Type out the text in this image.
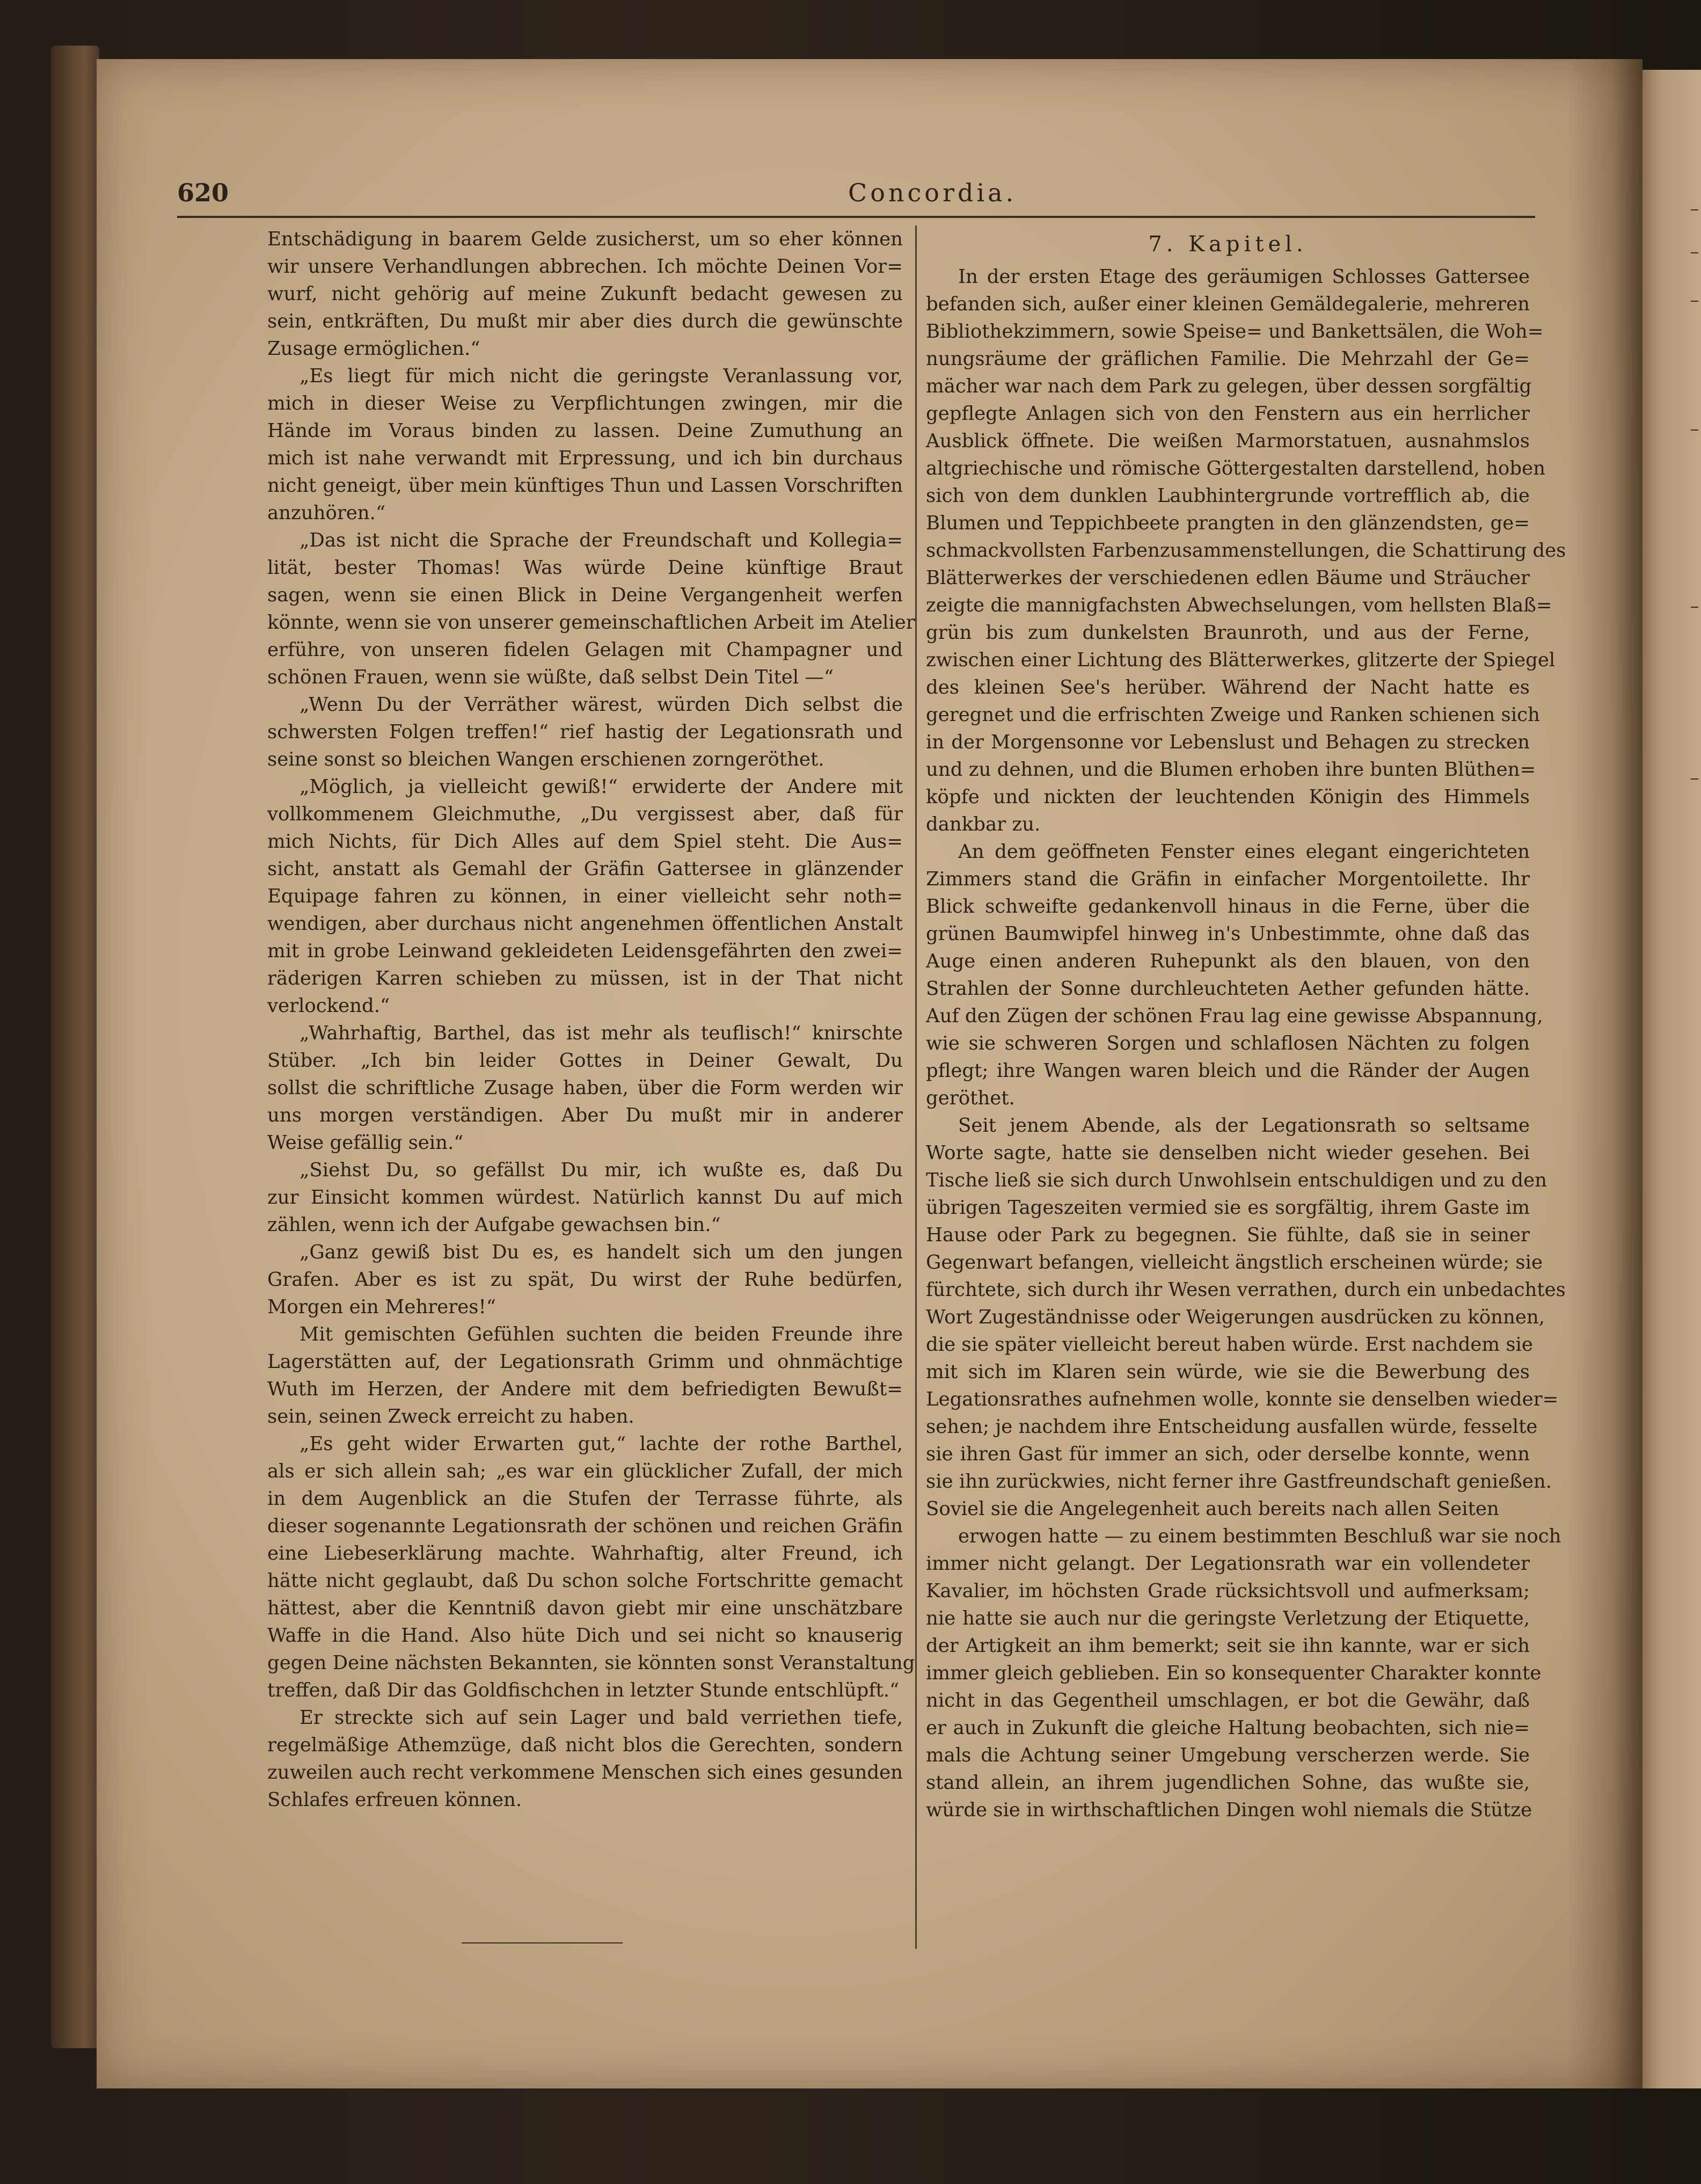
620	Concordia.
Entschädigung in baarem Gelde zusicherst, um so eher können
wir unsere Verhandlungen abbrechen. Ich möchte Deinen Vor=
wurf, nicht gehörig auf meine Zukunft bedacht gewesen zu
sein, entkräften, Du mußt mir aber dies durch die gewünschte
Zusage ermöglichen.“
„Es liegt für mich nicht die geringste Veranlassung vor,
mich in dieser Weise zu Verpflichtungen zwingen, mir die
Hände im Voraus binden zu lassen. Deine Zumuthung an
mich ist nahe verwandt mit Erpressung, und ich bin durchaus
nicht geneigt, über mein künftiges Thun und Lassen Vorschriften
anzuhören.“
„Das ist nicht die Sprache der Freundschaft und Kollegia=
lität, bester Thomas! Was würde Deine künftige Braut
sagen, wenn sie einen Blick in Deine Vergangenheit werfen
könnte, wenn sie von unserer gemeinschaftlichen Arbeit im Atelier
erführe, von unseren fidelen Gelagen mit Champagner und
schönen Frauen, wenn sie wüßte, daß selbst Dein Titel —“
„Wenn Du der Verräther wärest, würden Dich selbst die
schwersten Folgen treffen!“ rief hastig der Legationsrath und
seine sonst so bleichen Wangen erschienen zorngeröthet.
„Möglich, ja vielleicht gewiß!“ erwiderte der Andere mit
vollkommenem Gleichmuthe, „Du vergissest aber, daß für
mich Nichts, für Dich Alles auf dem Spiel steht. Die Aus=
sicht, anstatt als Gemahl der Gräfin Gattersee in glänzender
Equipage fahren zu können, in einer vielleicht sehr noth=
wendigen, aber durchaus nicht angenehmen öffentlichen Anstalt
mit in grobe Leinwand gekleideten Leidensgefährten den zwei=
räderigen Karren schieben zu müssen, ist in der That nicht
verlockend.“
„Wahrhaftig, Barthel, das ist mehr als teuflisch!“ knirschte
Stüber. „Ich bin leider Gottes in Deiner Gewalt, Du
sollst die schriftliche Zusage haben, über die Form werden wir
uns morgen verständigen. Aber Du mußt mir in anderer
Weise gefällig sein.“
„Siehst Du, so gefällst Du mir, ich wußte es, daß Du
zur Einsicht kommen würdest. Natürlich kannst Du auf mich
zählen, wenn ich der Aufgabe gewachsen bin.“
„Ganz gewiß bist Du es, es handelt sich um den jungen
Grafen. Aber es ist zu spät, Du wirst der Ruhe bedürfen,
Morgen ein Mehreres!“
Mit gemischten Gefühlen suchten die beiden Freunde ihre
Lagerstätten auf, der Legationsrath Grimm und ohnmächtige
Wuth im Herzen, der Andere mit dem befriedigten Bewußt=
sein, seinen Zweck erreicht zu haben.
„Es geht wider Erwarten gut,“ lachte der rothe Barthel,
als er sich allein sah; „es war ein glücklicher Zufall, der mich
in dem Augenblick an die Stufen der Terrasse führte, als
dieser sogenannte Legationsrath der schönen und reichen Gräfin
eine Liebeserklärung machte. Wahrhaftig, alter Freund, ich
hätte nicht geglaubt, daß Du schon solche Fortschritte gemacht
hättest, aber die Kenntniß davon giebt mir eine unschätzbare
Waffe in die Hand. Also hüte Dich und sei nicht so knauserig
gegen Deine nächsten Bekannten, sie könnten sonst Veranstaltung
treffen, daß Dir das Goldfischchen in letzter Stunde entschlüpft.“
Er streckte sich auf sein Lager und bald verriethen tiefe,
regelmäßige Athemzüge, daß nicht blos die Gerechten, sondern
zuweilen auch recht verkommene Menschen sich eines gesunden
Schlafes erfreuen können.
7. Kapitel.
In der ersten Etage des geräumigen Schlosses Gattersee
befanden sich, außer einer kleinen Gemäldegalerie, mehreren
Bibliothekzimmern, sowie Speise= und Bankettsälen, die Woh=
nungsräume der gräflichen Familie. Die Mehrzahl der Ge=
mächer war nach dem Park zu gelegen, über dessen sorgfältig
gepflegte Anlagen sich von den Fenstern aus ein herrlicher
Ausblick öffnete. Die weißen Marmorstatuen, ausnahmslos
altgriechische und römische Göttergestalten darstellend, hoben
sich von dem dunklen Laubhintergrunde vortrefflich ab, die
Blumen und Teppichbeete prangten in den glänzendsten, ge=
schmackvollsten Farbenzusammenstellungen, die Schattirung des
Blätterwerkes der verschiedenen edlen Bäume und Sträucher
zeigte die mannigfachsten Abwechselungen, vom hellsten Blaß=
grün bis zum dunkelsten Braunroth, und aus der Ferne,
zwischen einer Lichtung des Blätterwerkes, glitzerte der Spiegel
des kleinen See's herüber. Während der Nacht hatte es
geregnet und die erfrischten Zweige und Ranken schienen sich
in der Morgensonne vor Lebenslust und Behagen zu strecken
und zu dehnen, und die Blumen erhoben ihre bunten Blüthen=
köpfe und nickten der leuchtenden Königin des Himmels
dankbar zu.
An dem geöffneten Fenster eines elegant eingerichteten
Zimmers stand die Gräfin in einfacher Morgentoilette. Ihr
Blick schweifte gedankenvoll hinaus in die Ferne, über die
grünen Baumwipfel hinweg in's Unbestimmte, ohne daß das
Auge einen anderen Ruhepunkt als den blauen, von den
Strahlen der Sonne durchleuchteten Aether gefunden hätte.
Auf den Zügen der schönen Frau lag eine gewisse Abspannung,
wie sie schweren Sorgen und schlaflosen Nächten zu folgen
pflegt; ihre Wangen waren bleich und die Ränder der Augen
geröthet.
Seit jenem Abende, als der Legationsrath so seltsame
Worte sagte, hatte sie denselben nicht wieder gesehen. Bei
Tische ließ sie sich durch Unwohlsein entschuldigen und zu den
übrigen Tageszeiten vermied sie es sorgfältig, ihrem Gaste im
Hause oder Park zu begegnen. Sie fühlte, daß sie in seiner
Gegenwart befangen, vielleicht ängstlich erscheinen würde; sie
fürchtete, sich durch ihr Wesen verrathen, durch ein unbedachtes
Wort Zugeständnisse oder Weigerungen ausdrücken zu können,
die sie später vielleicht bereut haben würde. Erst nachdem sie
mit sich im Klaren sein würde, wie sie die Bewerbung des
Legationsrathes aufnehmen wolle, konnte sie denselben wieder=
sehen; je nachdem ihre Entscheidung ausfallen würde, fesselte
sie ihren Gast für immer an sich, oder derselbe konnte, wenn
sie ihn zurückwies, nicht ferner ihre Gastfreundschaft genießen.
Soviel sie die Angelegenheit auch bereits nach allen Seiten
erwogen hatte — zu einem bestimmten Beschluß war sie noch
immer nicht gelangt. Der Legationsrath war ein vollendeter
Kavalier, im höchsten Grade rücksichtsvoll und aufmerksam;
nie hatte sie auch nur die geringste Verletzung der Etiquette,
der Artigkeit an ihm bemerkt; seit sie ihn kannte, war er sich
immer gleich geblieben. Ein so konsequenter Charakter konnte
nicht in das Gegentheil umschlagen, er bot die Gewähr, daß
er auch in Zukunft die gleiche Haltung beobachten, sich nie=
mals die Achtung seiner Umgebung verscherzen werde. Sie
stand allein, an ihrem jugendlichen Sohne, das wußte sie,
würde sie in wirthschaftlichen Dingen wohl niemals die Stütze
